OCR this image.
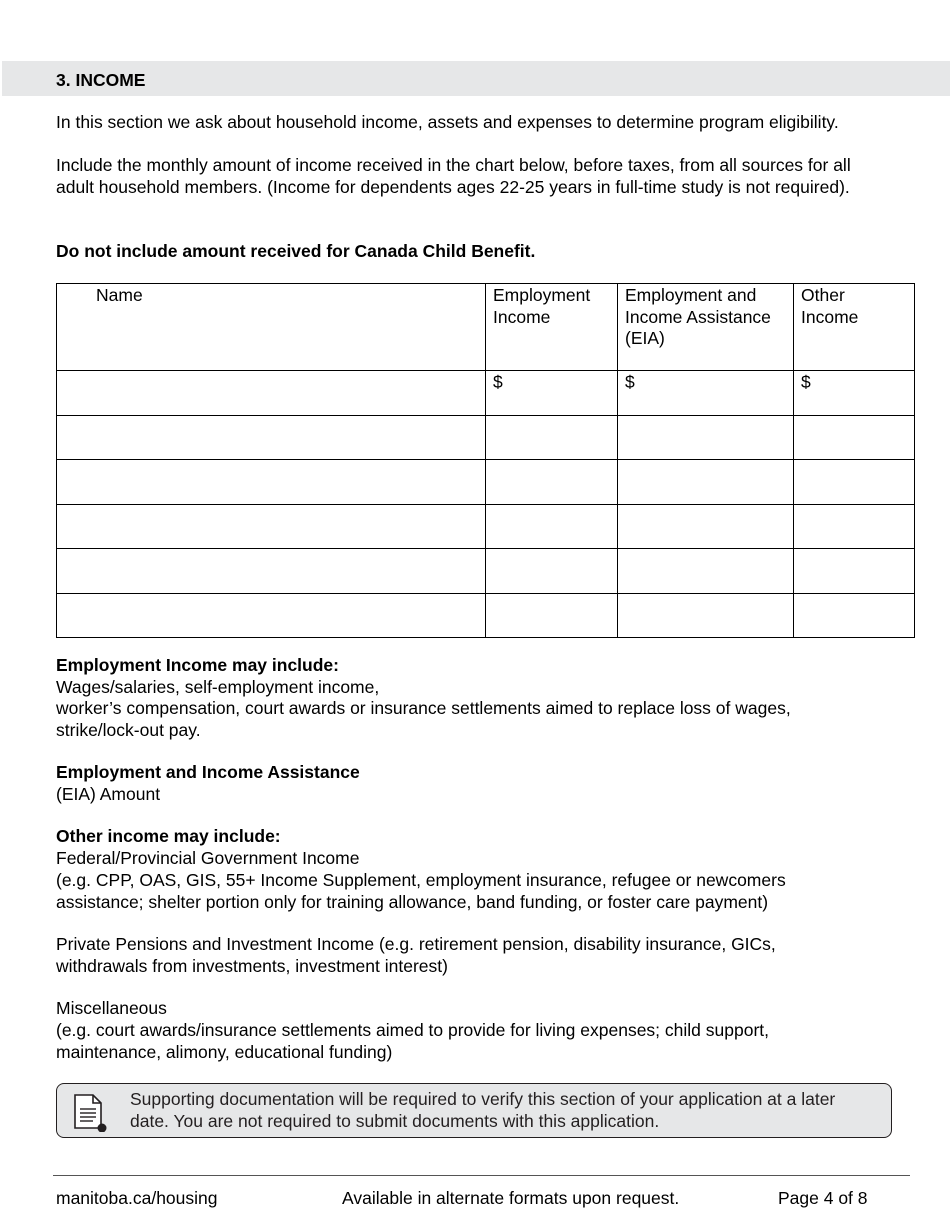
3. INCOME

In this section we ask about household income, assets and expenses to determine program eligibility.

Include the monthly amount of income received in the chart below, before taxes, from all sources for all adult household members. (Income for dependents ages 22-25 years in full-time study is not required).

Do not include amount received for Canada Child Benefit.

Name	Employment Income	Employment and Income Assistance (EIA)	Other Income
	$	$	$

Employment Income may include:

Wages/salaries, self-employment income,

worker’s compensation, court awards or insurance settlements aimed to replace loss of wages, strike/lock-out pay.

Employment and Income Assistance

(EIA) Amount

Other income may include:

Federal/Provincial Government Income

(e.g. CPP, OAS, GIS, 55+ Income Supplement, employment insurance, refugee or newcomers assistance; shelter portion only for training allowance, band funding, or foster care payment)

Private Pensions and Investment Income (e.g. retirement pension, disability insurance, GICs, withdrawals from investments, investment interest)

Miscellaneous

(e.g. court awards/insurance settlements aimed to provide for living expenses; child support, maintenance, alimony, educational funding)

Supporting documentation will be required to verify this section of your application at a later date. You are not required to submit documents with this application.
manitoba.ca/housing	Available in alternate formats upon request.	Page 4 of 8
